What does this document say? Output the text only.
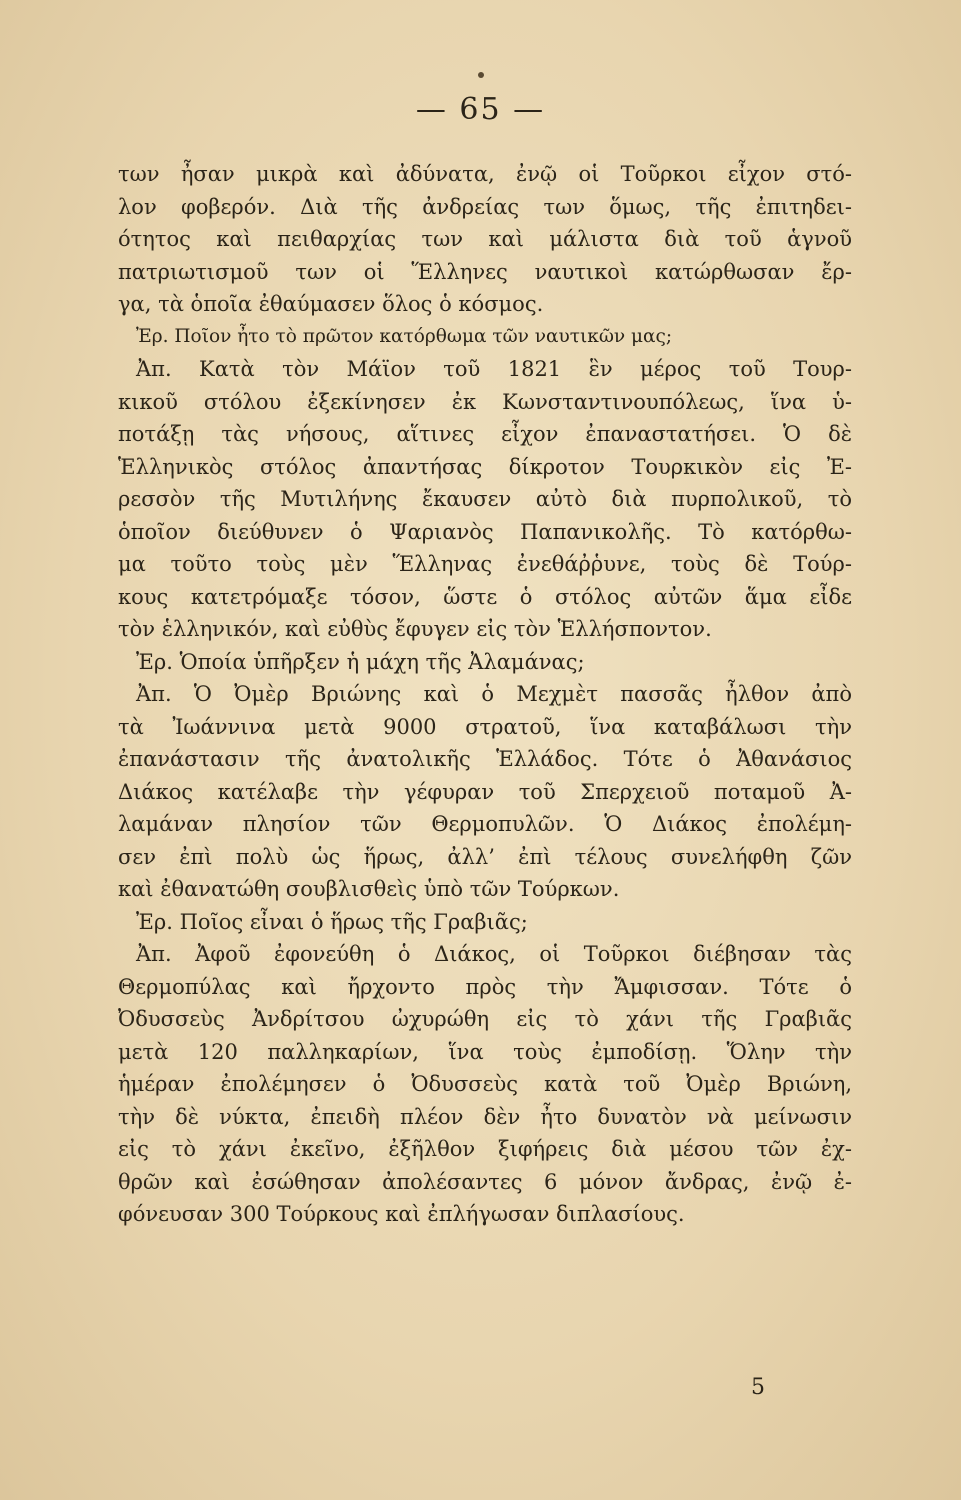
— 65 —
των ἦσαν μικρὰ καὶ ἀδύνατα, ἐνῷ οἱ Τοῦρκοι εἶχον στό-
λον φοβερόν. Διὰ τῆς ἀνδρείας των ὅμως, τῆς ἐπιτηδει-
ότητος καὶ πειθαρχίας των καὶ μάλιστα διὰ τοῦ ἁγνοῦ
πατριωτισμοῦ των οἱ Ἕλληνες ναυτικοὶ κατώρθωσαν ἔρ-
γα, τὰ ὁποῖα ἐθαύμασεν ὅλος ὁ κόσμος.
Ἐρ. Ποῖον ἦτο τὸ πρῶτον κατόρθωμα τῶν ναυτικῶν μας;
Ἀπ. Κατὰ τὸν Μάϊον τοῦ 1821 ἓν μέρος τοῦ Τουρ-
κικοῦ στόλου ἐξεκίνησεν ἐκ Κωνσταντινουπόλεως, ἵνα ὑ-
ποτάξῃ τὰς νήσους, αἵτινες εἶχον ἐπαναστατήσει. Ὁ δὲ
Ἑλληνικὸς στόλος ἀπαντήσας δίκροτον Τουρκικὸν εἰς Ἐ-
ρεσσὸν τῆς Μυτιλήνης ἔκαυσεν αὐτὸ διὰ πυρπολικοῦ, τὸ
ὁποῖον διεύθυνεν ὁ Ψαριανὸς Παπανικολῆς. Τὸ κατόρθω-
μα τοῦτο τοὺς μὲν Ἕλληνας ἐνεθάῤῥυνε, τοὺς δὲ Τούρ-
κους κατετρόμαξε τόσον, ὥστε ὁ στόλος αὐτῶν ἅμα εἶδε
τὸν ἑλληνικόν, καὶ εὐθὺς ἔφυγεν εἰς τὸν Ἑλλήσποντον.
Ἐρ. Ὁποία ὑπῆρξεν ἡ μάχη τῆς Ἀλαμάνας;
Ἀπ. Ὁ Ὀμὲρ Βριώνης καὶ ὁ Μεχμὲτ πασσᾶς ἦλθον ἀπὸ
τὰ Ἰωάννινα μετὰ 9000 στρατοῦ, ἵνα καταβάλωσι τὴν
ἐπανάστασιν τῆς ἀνατολικῆς Ἑλλάδος. Τότε ὁ Ἀθανάσιος
Διάκος κατέλαβε τὴν γέφυραν τοῦ Σπερχειοῦ ποταμοῦ Ἀ-
λαμάναν πλησίον τῶν Θερμοπυλῶν. Ὁ Διάκος ἐπολέμη-
σεν ἐπὶ πολὺ ὡς ἥρως, ἀλλ’ ἐπὶ τέλους συνελήφθη ζῶν
καὶ ἐθανατώθη σουβλισθεὶς ὑπὸ τῶν Τούρκων.
Ἐρ. Ποῖος εἶναι ὁ ἥρως τῆς Γραβιᾶς;
Ἀπ. Ἀφοῦ ἐφονεύθη ὁ Διάκος, οἱ Τοῦρκοι διέβησαν τὰς
Θερμοπύλας καὶ ἤρχοντο πρὸς τὴν Ἄμφισσαν. Τότε ὁ
Ὀδυσσεὺς Ἀνδρίτσου ὠχυρώθη εἰς τὸ χάνι τῆς Γραβιᾶς
μετὰ 120 παλληκαρίων, ἵνα τοὺς ἐμποδίσῃ. Ὅλην τὴν
ἡμέραν ἐπολέμησεν ὁ Ὀδυσσεὺς κατὰ τοῦ Ὀμὲρ Βριώνη,
τὴν δὲ νύκτα, ἐπειδὴ πλέον δὲν ἦτο δυνατὸν νὰ μείνωσιν
εἰς τὸ χάνι ἐκεῖνο, ἐξῆλθον ξιφήρεις διὰ μέσου τῶν ἐχ-
θρῶν καὶ ἐσώθησαν ἀπολέσαντες 6 μόνον ἄνδρας, ἐνῷ ἐ-
φόνευσαν 300 Τούρκους καὶ ἐπλήγωσαν διπλασίους.
5
